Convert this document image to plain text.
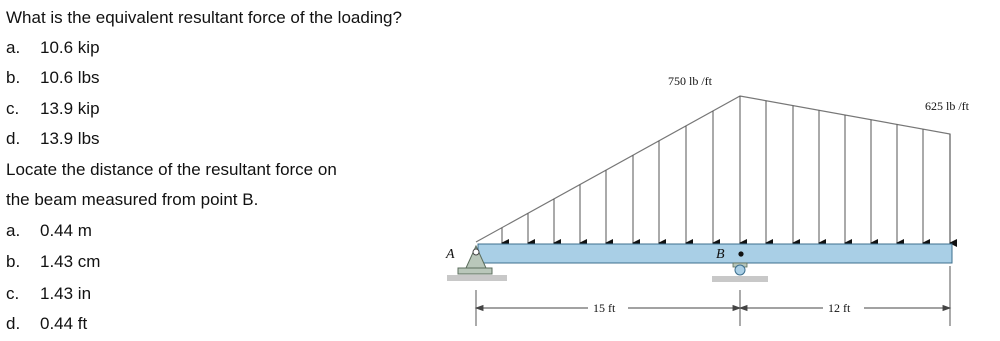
What is the equivalent resultant force of the loading?
a. 10.6 kip
b. 10.6 lbs
c. 13.9 kip
d. 13.9 lbs
Locate the distance of the resultant force on
the beam measured from point B.
a. 0.44 m
b. 1.43 cm
c. 1.43 in
d. 0.44 ft
A	B
750 lb /ft
625 lb /ft
15 ft	12 ft
